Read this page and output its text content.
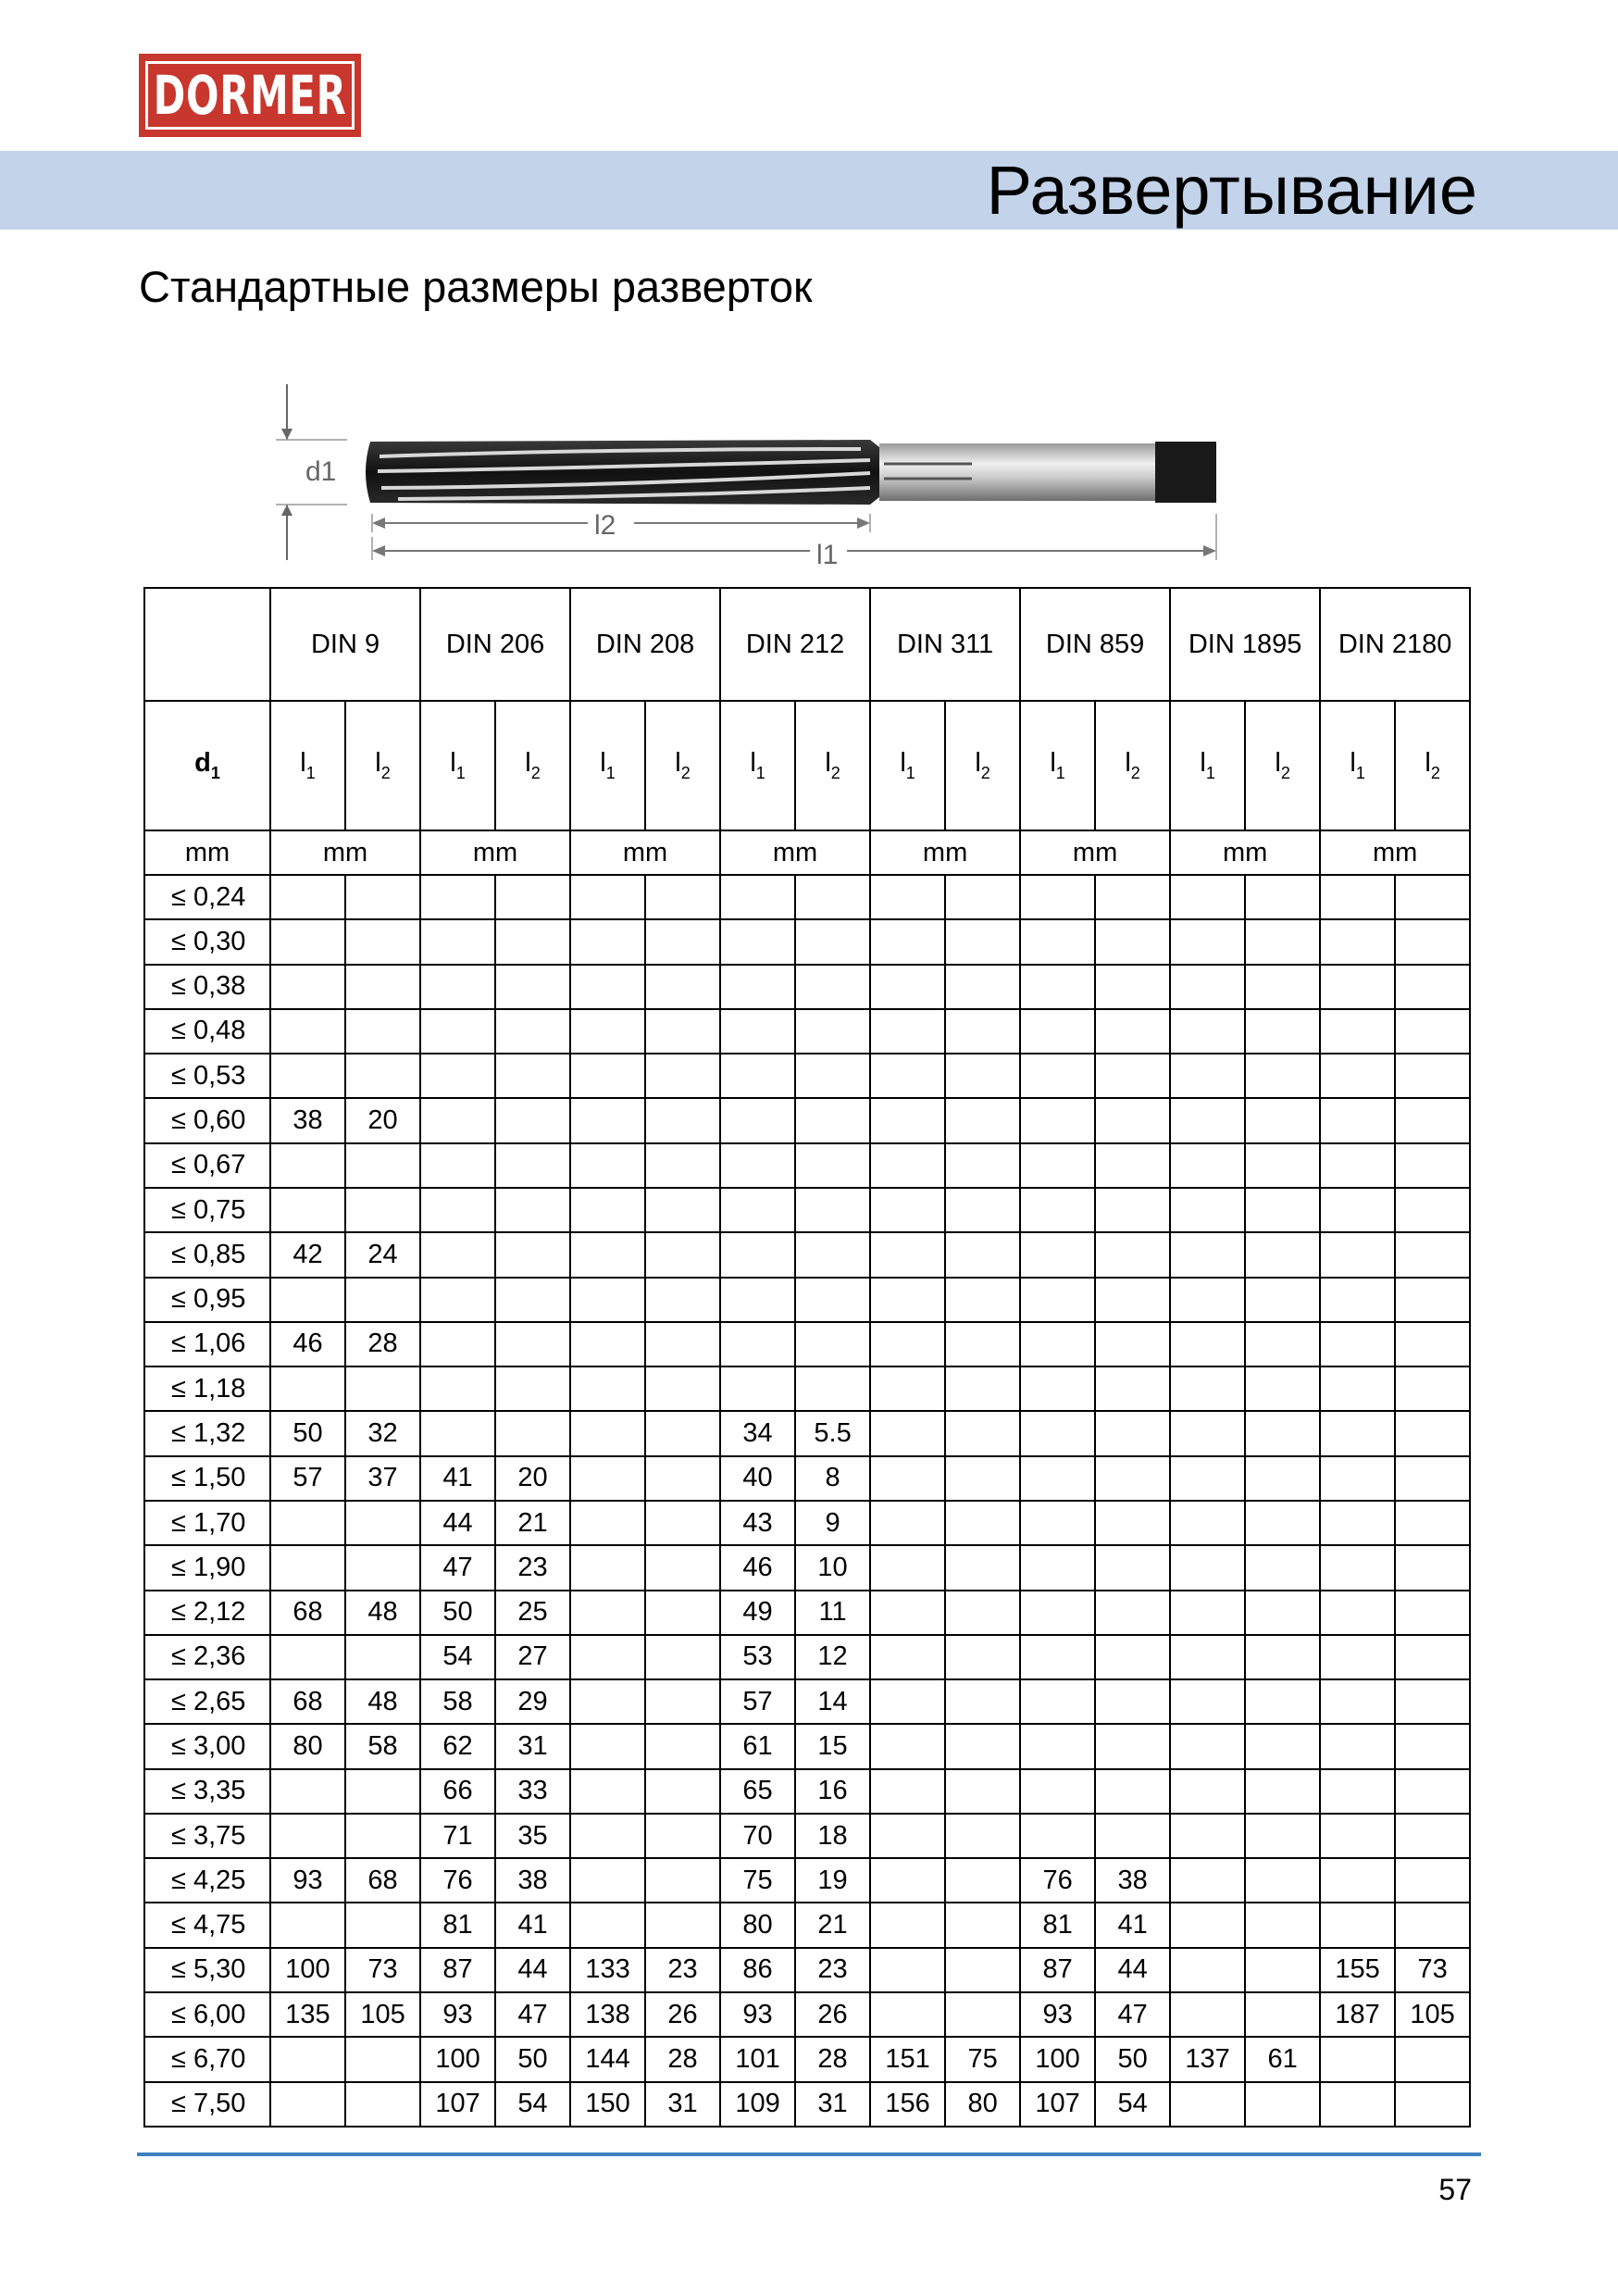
DORMER
Развертывание
Стандартные размеры разверток
d1
l2
l1
	DIN 9		DIN 206		DIN 208		DIN 212		DIN 311		DIN 859		DIN 1895		DIN 2180	
$d_1$	$l_1$	$l_2$	$l_1$	$l_2$	$l_1$	$l_2$	$l_1$	$l_2$	$l_1$	$l_2$	$l_1$	$l_2$	$l_1$	$l_2$	$l_1$	$l_2$
mm	mm		mm		mm		mm		mm		mm		mm		mm	
≤ 0,24																
≤ 0,30																
≤ 0,38																
≤ 0,48																
≤ 0,53																
≤ 0,60	38	20														
≤ 0,67																
≤ 0,75																
≤ 0,85	42	24														
≤ 0,95																
≤ 1,06	46	28														
≤ 1,18																
≤ 1,32	50	32					34	5.5								
≤ 1,50	57	37	41	20			40	8								
≤ 1,70			44	21			43	9								
≤ 1,90			47	23			46	10								
≤ 2,12	68	48	50	25			49	11								
≤ 2,36			54	27			53	12								
≤ 2,65	68	48	58	29			57	14								
≤ 3,00	80	58	62	31			61	15								
≤ 3,35			66	33			65	16								
≤ 3,75			71	35			70	18								
≤ 4,25	93	68	76	38			75	19			76	38				
≤ 4,75			81	41			80	21			81	41				
≤ 5,30	100	73	87	44	133	23	86	23			87	44			155	73
≤ 6,00	135	105	93	47	138	26	93	26			93	47			187	105
≤ 6,70			100	50	144	28	101	28	151	75	100	50	137	61		
≤ 7,50			107	54	150	31	109	31	156	80	107	54				
57
